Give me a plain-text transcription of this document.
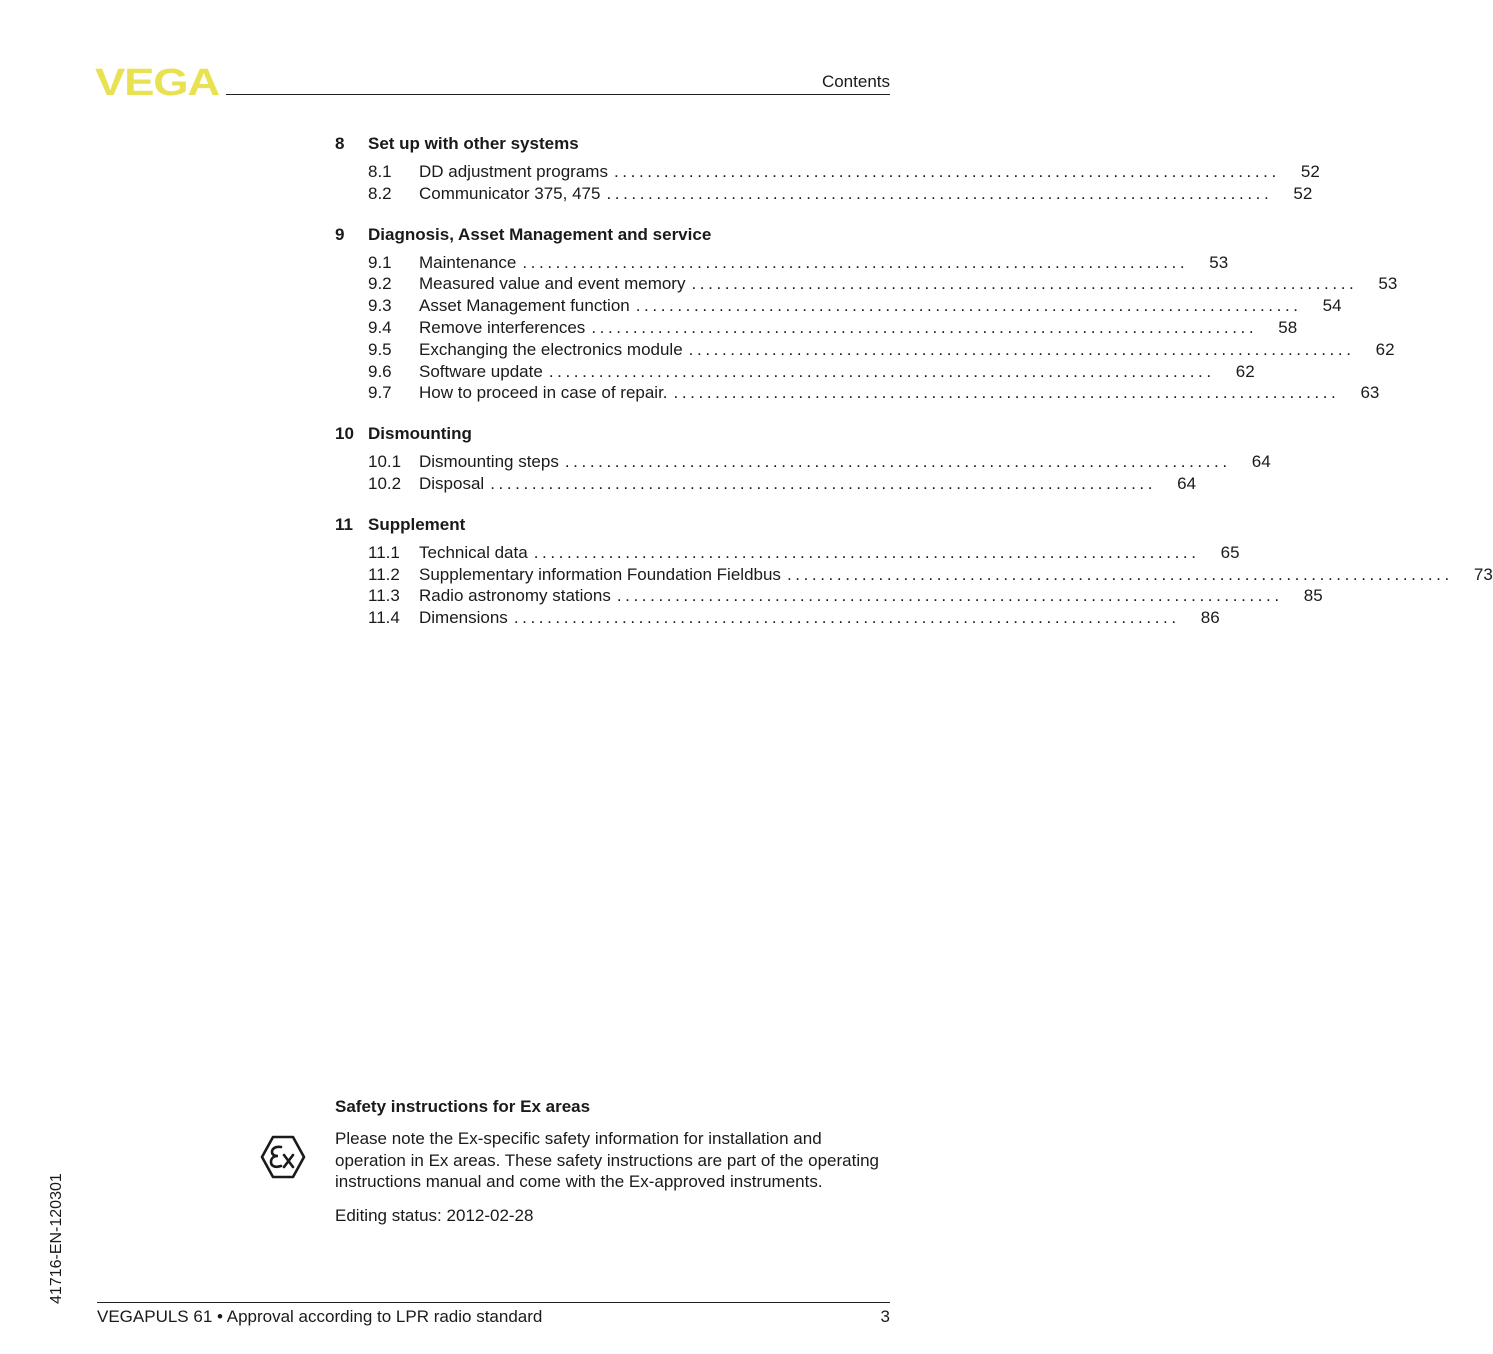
VEGA	Contents
8	Set up with other systems
8.1	DD adjustment programs ................................................................................	52
8.2	Communicator 375, 475 ................................................................................	52
9	Diagnosis, Asset Management and service
9.1	Maintenance ................................................................................	53
9.2	Measured value and event memory ................................................................................	53
9.3	Asset Management function ................................................................................	54
9.4	Remove interferences ................................................................................	58
9.5	Exchanging the electronics module ................................................................................	62
9.6	Software update ................................................................................	62
9.7	How to proceed in case of repair. ................................................................................	63
10 Dismounting
10.1	Dismounting steps ................................................................................	64
10.2	Disposal ................................................................................	64
11 Supplement
11.1	Technical data ................................................................................	65
11.2	Supplementary information Foundation Fieldbus ................................................................................	73
11.3	Radio astronomy stations ................................................................................	85
11.4	Dimensions ................................................................................	86
Safety instructions for Ex areas

Please note the Ex-specific safety information for installation and operation in Ex areas. These safety instructions are part of the operating instructions manual and come with the Ex-approved instruments.

Editing status: 2012-02-28
41716-EN-120301
VEGAPULS 61 • Approval according to LPR radio standard	3
